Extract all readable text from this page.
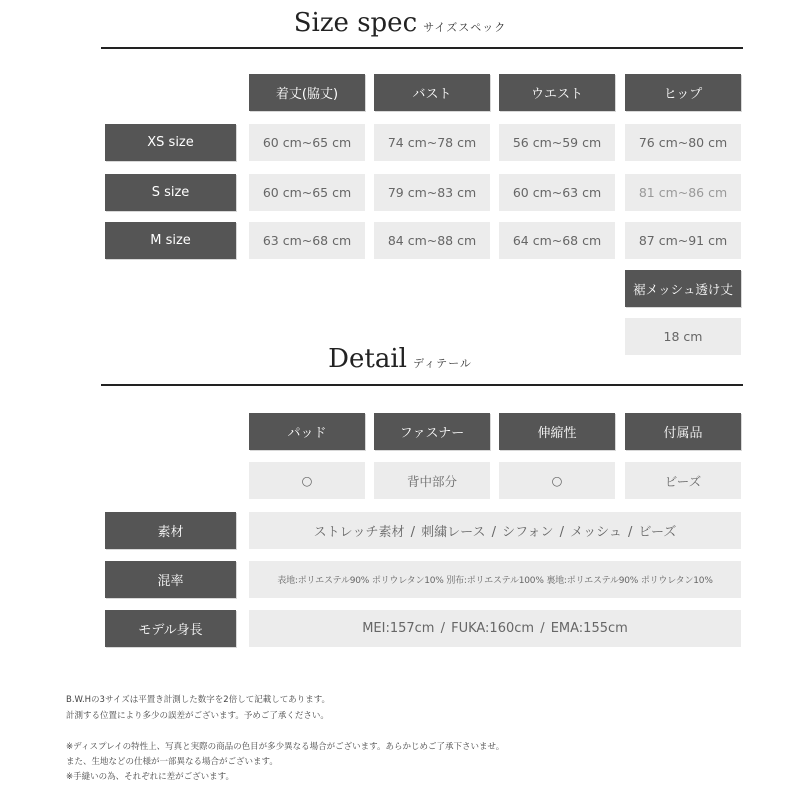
Size spec サイズスペック
着丈(脇丈)	バスト	ウエスト	ヒップ
XS size	60 cm~65 cm	74 cm~78 cm	56 cm~59 cm	76 cm~80 cm
S size	60 cm~65 cm	79 cm~83 cm	60 cm~63 cm	81 cm~86 cm
M size	63 cm~68 cm	84 cm~88 cm	64 cm~68 cm	87 cm~91 cm
裾メッシュ透け丈
18 cm
Detail ディテール
パッド	ファスナー	伸縮性	付属品
○	背中部分	○	ビーズ
素材	ストレッチ素材 / 刺繍レース / シフォン / メッシュ / ビーズ
混率	表地:ポリエステル90% ポリウレタン10% 別布:ポリエステル100% 裏地:ポリエステル90% ポリウレタン10%
モデル身長	MEI:157cm / FUKA:160cm / EMA:155cm
B.W.Hの3サイズは平置き計測した数字を2倍して記載してあります。
計測する位置により多少の誤差がございます。予めご了承ください。
※ディスプレイの特性上、写真と実際の商品の色目が多少異なる場合がございます。あらかじめご了承下さいませ。
また、生地などの仕様が一部異なる場合がございます。
※手縫いの為、それぞれに差がございます。
